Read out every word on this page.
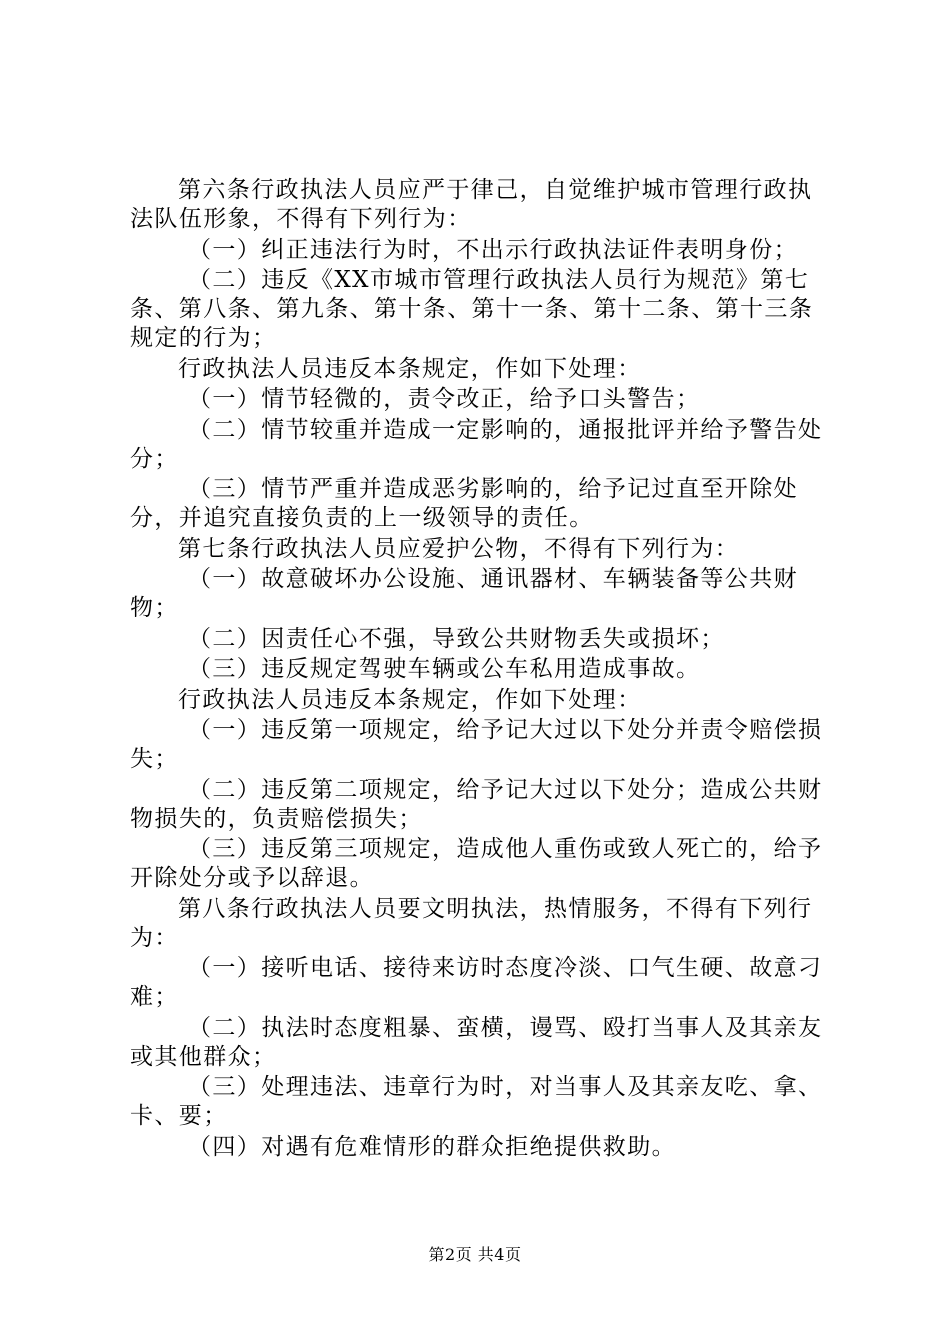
第六条行政执法人员应严于律己，自觉维护城市管理行政执法队伍形象，不得有下列行为：

（一）纠正违法行为时，不出示行政执法证件表明身份；

（二）违反《XX市城市管理行政执法人员行为规范》第七条、第八条、第九条、第十条、第十一条、第十二条、第十三条规定的行为；

行政执法人员违反本条规定，作如下处理：

（一）情节轻微的，责令改正，给予口头警告；

（二）情节较重并造成一定影响的，通报批评并给予警告处分；

（三）情节严重并造成恶劣影响的，给予记过直至开除处分，并追究直接负责的上一级领导的责任。

第七条行政执法人员应爱护公物，不得有下列行为：

（一）故意破坏办公设施、通讯器材、车辆装备等公共财物；

（二）因责任心不强，导致公共财物丢失或损坏；

（三）违反规定驾驶车辆或公车私用造成事故。

行政执法人员违反本条规定，作如下处理：

（一）违反第一项规定，给予记大过以下处分并责令赔偿损失；

（二）违反第二项规定，给予记大过以下处分；造成公共财物损失的，负责赔偿损失；

（三）违反第三项规定，造成他人重伤或致人死亡的，给予开除处分或予以辞退。

第八条行政执法人员要文明执法，热情服务，不得有下列行为：

（一）接听电话、接待来访时态度冷淡、口气生硬、故意刁难；

（二）执法时态度粗暴、蛮横，谩骂、殴打当事人及其亲友或其他群众；

（三）处理违法、违章行为时，对当事人及其亲友吃、拿、卡、要；

（四）对遇有危难情形的群众拒绝提供救助。

第2页 共4页
